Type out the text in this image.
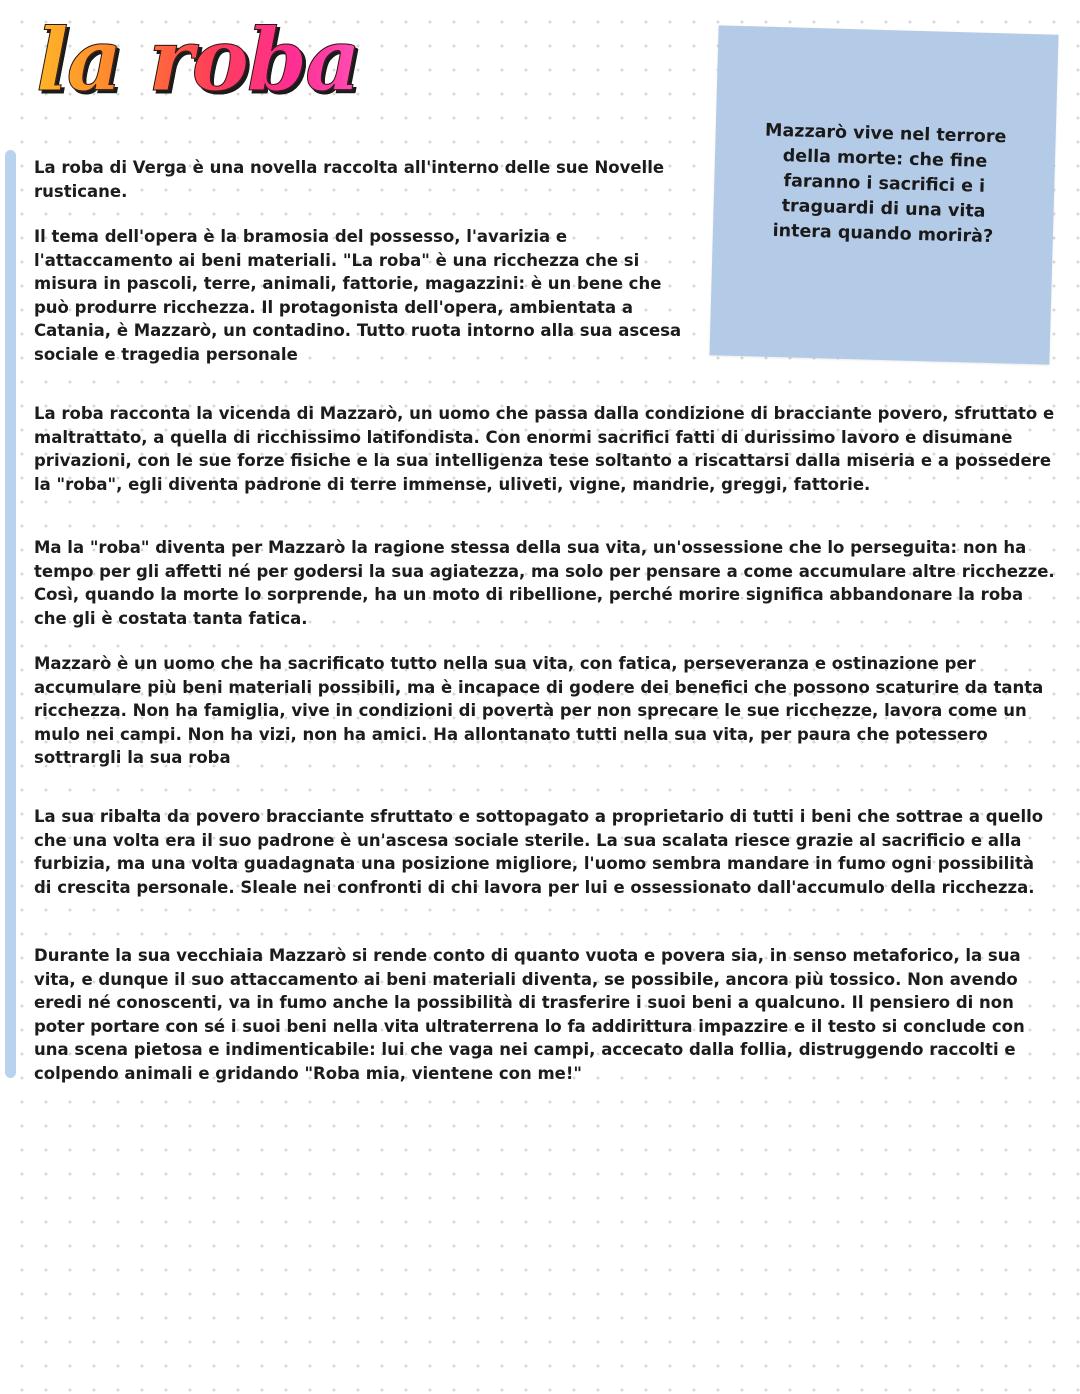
la roba

Mazzarò vive nel terrore della morte: che fine faranno i sacrifici e i traguardi di una vita intera quando morirà?

La roba di Verga è una novella raccolta all'interno delle sue Novelle rusticane.

Il tema dell'opera è la bramosia del possesso, l'avarizia e l'attaccamento ai beni materiali. "La roba" è una ricchezza che si misura in pascoli, terre, animali, fattorie, magazzini: è un bene che può produrre ricchezza. Il protagonista dell'opera, ambientata a Catania, è Mazzarò, un contadino. Tutto ruota intorno alla sua ascesa sociale e tragedia personale

La roba racconta la vicenda di Mazzarò, un uomo che passa dalla condizione di bracciante povero, sfruttato e maltrattato, a quella di ricchissimo latifondista. Con enormi sacrifici fatti di durissimo lavoro e disumane privazioni, con le sue forze fisiche e la sua intelligenza tese soltanto a riscattarsi dalla miseria e a possedere la "roba", egli diventa padrone di terre immense, uliveti, vigne, mandrie, greggi, fattorie.

Ma la "roba" diventa per Mazzarò la ragione stessa della sua vita, un'ossessione che lo perseguita: non ha tempo per gli affetti né per godersi la sua agiatezza, ma solo per pensare a come accumulare altre ricchezze. Così, quando la morte lo sorprende, ha un moto di ribellione, perché morire significa abbandonare la roba che gli è costata tanta fatica.

Mazzarò è un uomo che ha sacrificato tutto nella sua vita, con fatica, perseveranza e ostinazione per accumulare più beni materiali possibili, ma è incapace di godere dei benefici che possono scaturire da tanta ricchezza. Non ha famiglia, vive in condizioni di povertà per non sprecare le sue ricchezze, lavora come un mulo nei campi. Non ha vizi, non ha amici. Ha allontanato tutti nella sua vita, per paura che potessero sottrargli la sua roba

La sua ribalta da povero bracciante sfruttato e sottopagato a proprietario di tutti i beni che sottrae a quello che una volta era il suo padrone è un'ascesa sociale sterile. La sua scalata riesce grazie al sacrificio e alla furbizia, ma una volta guadagnata una posizione migliore, l'uomo sembra mandare in fumo ogni possibilità di crescita personale. Sleale nei confronti di chi lavora per lui e ossessionato dall'accumulo della ricchezza.

Durante la sua vecchiaia Mazzarò si rende conto di quanto vuota e povera sia, in senso metaforico, la sua vita, e dunque il suo attaccamento ai beni materiali diventa, se possibile, ancora più tossico. Non avendo eredi né conoscenti, va in fumo anche la possibilità di trasferire i suoi beni a qualcuno. Il pensiero di non poter portare con sé i suoi beni nella vita ultraterrena lo fa addirittura impazzire e il testo si conclude con una scena pietosa e indimenticabile: lui che vaga nei campi, accecato dalla follia, distruggendo raccolti e colpendo animali e gridando "Roba mia, vientene con me!"
